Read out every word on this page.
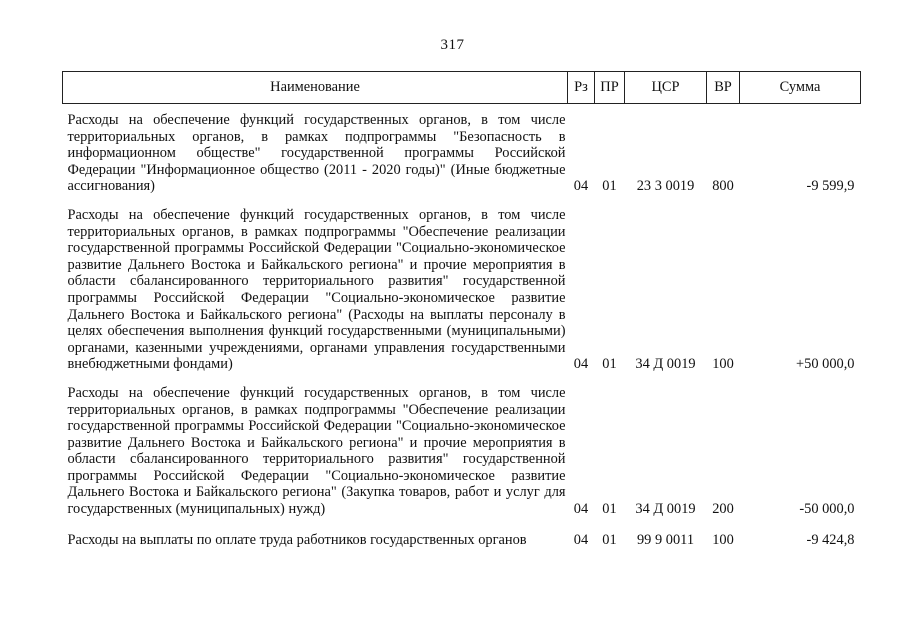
317
Наименование	Рз	ПР	ЦСР	ВР	Сумма
Расходы на обеспечение функций государственных органов, в том числе территориальных органов, в рамках подпрограммы "Безопасность в информационном обществе" государственной программы Российской Федерации "Информационное общество (2011 - 2020 годы)" (Иные бюджетные ассигнования)	04	01	23 3 0019	800	-9 599,9
Расходы на обеспечение функций государственных органов, в том числе территориальных органов, в рамках подпрограммы "Обеспечение реализации государственной программы Российской Федерации "Социально-экономическое развитие Дальнего Востока и Байкальского региона" и прочие мероприятия в области сбалансированного территориального развития" государственной программы Российской Федерации "Социально-экономическое развитие Дальнего Востока и Байкальского региона" (Расходы на выплаты персоналу в целях обеспечения выполнения функций государственными (муниципальными) органами, казенными учреждениями, органами управления государственными внебюджетными фондами)	04	01	34 Д 0019	100	+50 000,0
Расходы на обеспечение функций государственных органов, в том числе территориальных органов, в рамках подпрограммы "Обеспечение реализации государственной программы Российской Федерации "Социально-экономическое развитие Дальнего Востока и Байкальского региона" и прочие мероприятия в области сбалансированного территориального развития" государственной программы Российской Федерации "Социально-экономическое развитие Дальнего Востока и Байкальского региона" (Закупка товаров, работ и услуг для государственных (муниципальных) нужд)	04	01	34 Д 0019	200	-50 000,0
Расходы на выплаты по оплате труда работников государственных органов	04	01	99 9 0011	100	-9 424,8
